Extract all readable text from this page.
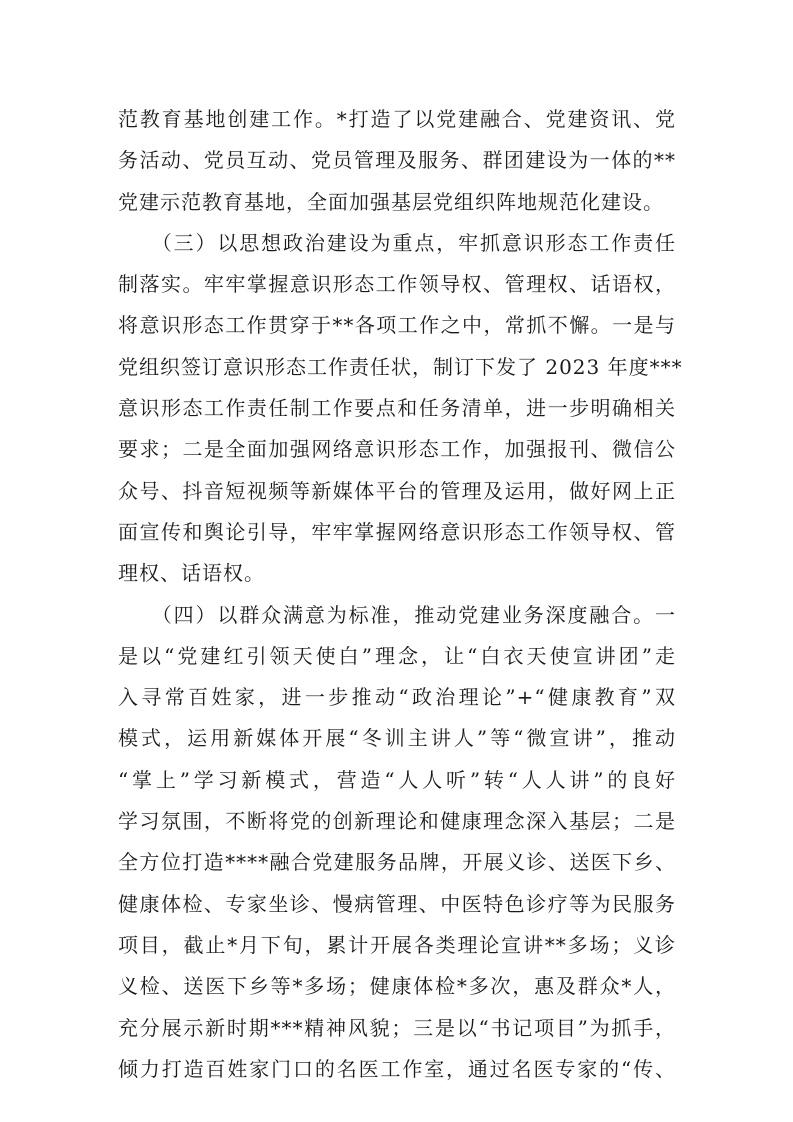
范教育基地创建工作。*打造了以党建融合、党建资讯、党
务活动、党员互动、党员管理及服务、群团建设为一体的**
党建示范教育基地，全面加强基层党组织阵地规范化建设。
　　（三）以思想政治建设为重点，牢抓意识形态工作责任
制落实。牢牢掌握意识形态工作领导权、管理权、话语权，
将意识形态工作贯穿于**各项工作之中，常抓不懈。一是与
党组织签订意识形态工作责任状，制订下发了 2023 年度***
意识形态工作责任制工作要点和任务清单，进一步明确相关
要求；二是全面加强网络意识形态工作，加强报刊、微信公
众号、抖音短视频等新媒体平台的管理及运用，做好网上正
面宣传和舆论引导，牢牢掌握网络意识形态工作领导权、管
理权、话语权。
　　（四）以群众满意为标准，推动党建业务深度融合。一
是以“党建红引领天使白”理念，让“白衣天使宣讲团”走
入寻常百姓家，进一步推动“政治理论”+“健康教育”双
模式，运用新媒体开展“冬训主讲人”等“微宣讲”，推动
“掌上”学习新模式，营造“人人听”转“人人讲”的良好
学习氛围，不断将党的创新理论和健康理念深入基层；二是
全方位打造****融合党建服务品牌，开展义诊、送医下乡、
健康体检、专家坐诊、慢病管理、中医特色诊疗等为民服务
项目，截止*月下旬，累计开展各类理论宣讲**多场；义诊
义检、送医下乡等*多场；健康体检*多次，惠及群众*人，
充分展示新时期***精神风貌；三是以“书记项目”为抓手，
倾力打造百姓家门口的名医工作室，通过名医专家的“传、
